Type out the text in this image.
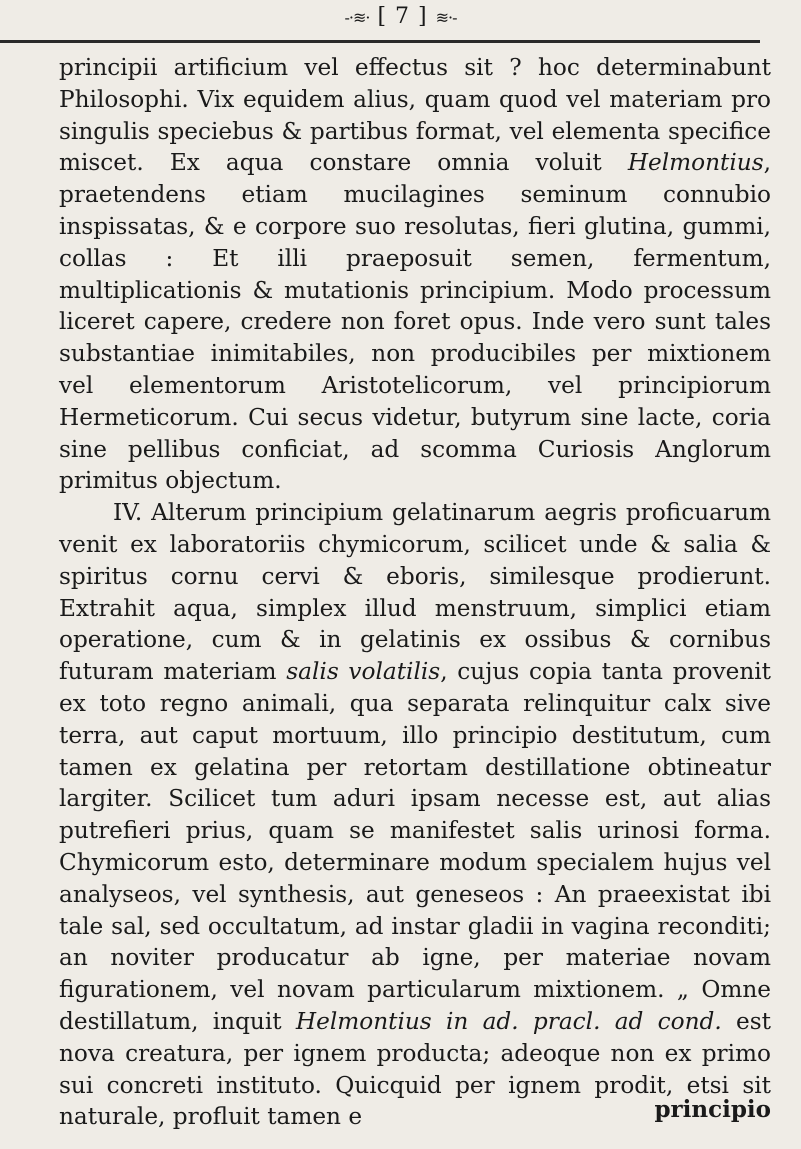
-·≋· [ 7 ] ≋·-

principii artificium vel effectus sit ? hoc determinabunt Philosophi. Vix equidem alius, quam quod vel materiam pro singulis speciebus & partibus format, vel elementa specifice miscet. Ex aqua constare omnia voluit Helmontius, praetendens etiam mucilagines seminum connubio inspissatas, & e corpore suo resolutas, fieri glutina, gummi, collas : Et illi praeposuit semen, fermentum, multiplicationis & mutationis principium. Modo processum liceret capere, credere non foret opus. Inde vero sunt tales substantiae inimitabiles, non producibiles per mixtionem vel elementorum Aristotelicorum, vel principiorum Hermeticorum. Cui secus videtur, butyrum sine lacte, coria sine pellibus conficiat, ad scomma Curiosis Anglorum primitus objectum.

IV. Alterum principium gelatinarum aegris proficuarum venit ex laboratoriis chymicorum, scilicet unde & salia & spiritus cornu cervi & eboris, similesque prodierunt. Extrahit aqua, simplex illud menstruum, simplici etiam operatione, cum & in gelatinis ex ossibus & cornibus futuram materiam salis volatilis, cujus copia tanta provenit ex toto regno animali, qua separata relinquitur calx sive terra, aut caput mortuum, illo principio destitutum, cum tamen ex gelatina per retortam destillatione obtineatur largiter. Scilicet tum aduri ipsam necesse est, aut alias putrefieri prius, quam se manifestet salis urinosi forma. Chymicorum esto, determinare modum specialem hujus vel analyseos, vel synthesis, aut geneseos : An praeexistat ibi tale sal, sed occultatum, ad instar gladii in vagina reconditi; an noviter producatur ab igne, per materiae novam figurationem, vel novam particularum mixtionem. „ Omne destillatum, inquit Helmontius in ad. pracl. ad cond. est nova creatura, per ignem producta; adeoque non ex primo sui concreti instituto. Quicquid per ignem prodit, etsi sit naturale, profluit tamen e	principio
